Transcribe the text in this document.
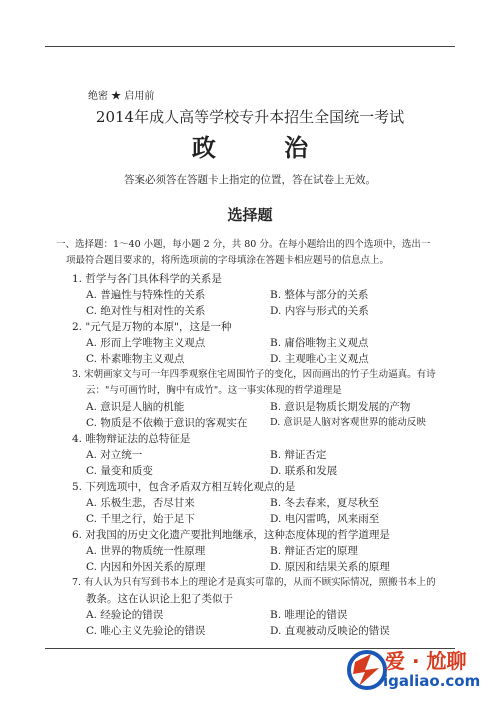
绝密 ★ 启用前
2014年成人高等学校专升本招生全国统一考试
政 治
答案必须答在答题卡上指定的位置，答在试卷上无效。
选择题
一、选择题：1～40 小题，每小题 2 分，共 80 分。在每小题给出的四个选项中，选出一
项最符合题目要求的，将所选项前的字母填涂在答题卡相应题号的信息点上。
1. 哲学与各门具体科学的关系是
A. 普遍性与特殊性的关系	B. 整体与部分的关系
C. 绝对性与相对性的关系	D. 内容与形式的关系
2. "元气是万物的本原"，这是一种
A. 形而上学唯物主义观点	B. 庸俗唯物主义观点
C. 朴素唯物主义观点	D. 主观唯心主义观点
3. 宋朝画家文与可一年四季观察住宅周围竹子的变化，因而画出的竹子生动逼真。有诗
云："与可画竹时，胸中有成竹"。这一事实体现的哲学道理是
A. 意识是人脑的机能	B. 意识是物质长期发展的产物
C. 物质是不依赖于意识的客观实在 D. 意识是人脑对客观世界的能动反映
4. 唯物辩证法的总特征是
A. 对立统一	B. 辩证否定
C. 量变和质变	D. 联系和发展
5. 下列选项中，包含矛盾双方相互转化观点的是
A. 乐极生悲，否尽甘来	B. 冬去春来，夏尽秋至
C. 千里之行，始于足下	D. 电闪雷鸣，风来雨至
6. 对我国的历史文化遗产要批判地继承，这种态度体现的哲学道理是
A. 世界的物质统一性原理	B. 辩证否定的原理
C. 内因和外因关系的原理	D. 原因和结果关系的原理
7. 有人认为只有写到书本上的理论才是真实可靠的，从而不顾实际情况，照搬书本上的
教条。这在认识论上犯了类似于
A. 经验论的错误	B. 唯理论的错误
C. 唯心主义先验论的错误	D. 直观被动反映论的错误
爱 · 尬聊
igaliao.com
